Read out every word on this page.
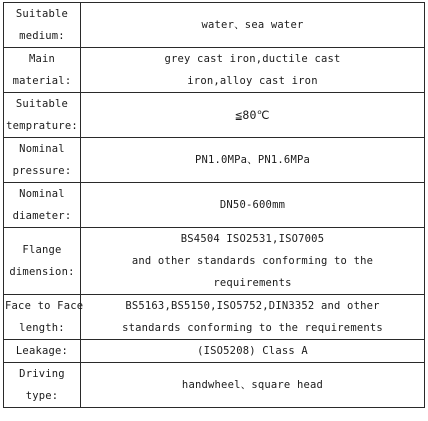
Suitable
medium:	water、sea water

Main
material:	grey cast iron,ductile cast
iron,alloy cast iron

Suitable
temprature:	≦80℃

Nominal
pressure:	PN1.0MPa、PN1.6MPa

Nominal
diameter:	DN50-600mm

Flange
dimension:	BS4504 ISO2531,ISO7005
and other standards conforming to the
requirements

Face to Face
length:	BS5163,BS5150,ISO5752,DIN3352 and other
standards conforming to the requirements

Leakage:	(ISO5208) Class A

Driving
type:	handwheel、square head
